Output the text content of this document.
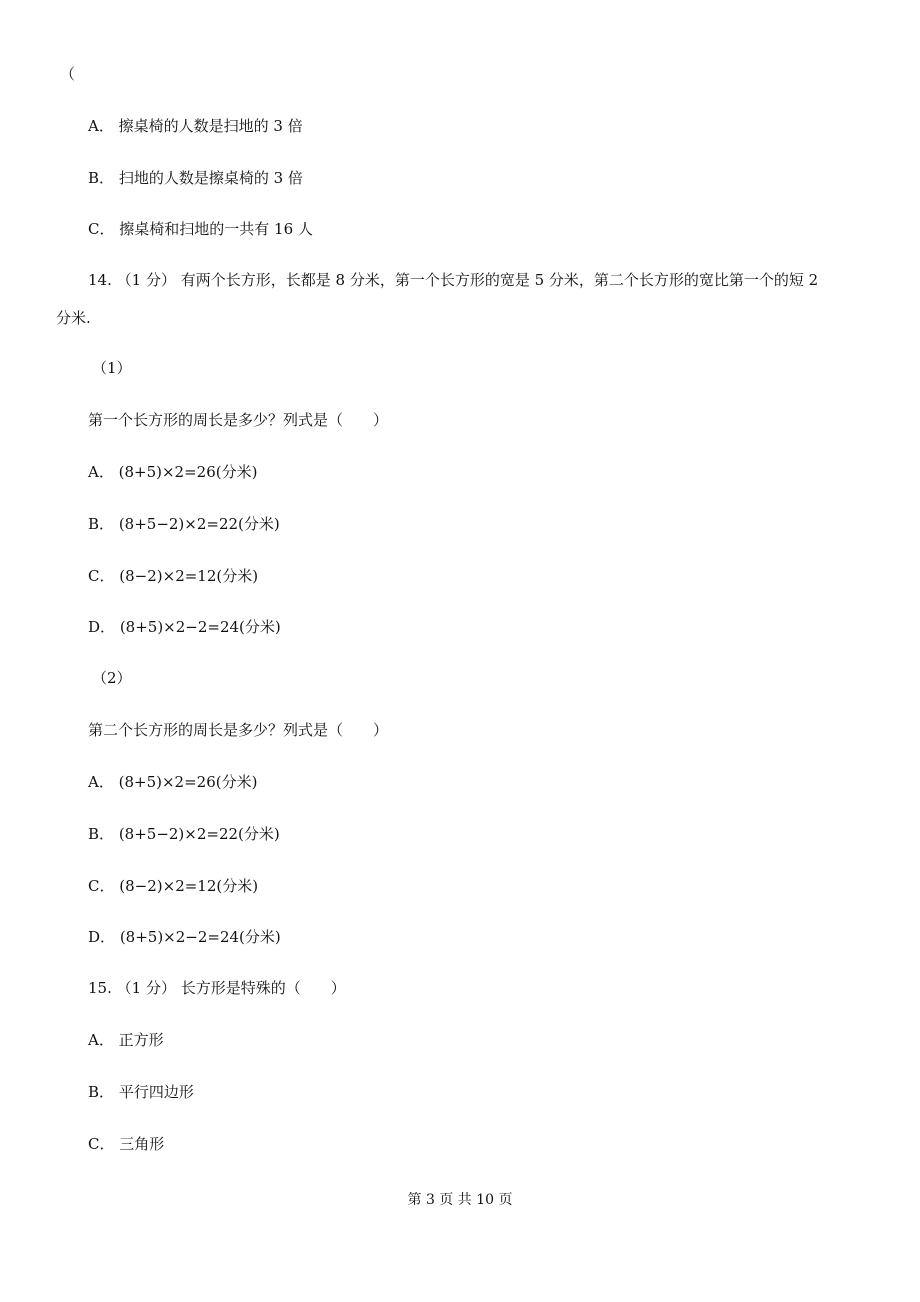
（
A． 擦桌椅的人数是扫地的 3 倍
B． 扫地的人数是擦桌椅的 3 倍
C． 擦桌椅和扫地的一共有 16 人
14. （1 分） 有两个长方形，长都是 8 分米，第一个长方形的宽是 5 分米，第二个长方形的宽比第一个的短 2
分米.
（1）
第一个长方形的周长是多少？列式是（　　）
A． (8+5)×2=26(分米)
B． (8+5−2)×2=22(分米)
C． (8−2)×2=12(分米)
D． (8+5)×2−2=24(分米)
（2）
第二个长方形的周长是多少？列式是（　　）
A． (8+5)×2=26(分米)
B． (8+5−2)×2=22(分米)
C． (8−2)×2=12(分米)
D． (8+5)×2−2=24(分米)
15. （1 分） 长方形是特殊的（　　）
A． 正方形
B． 平行四边形
C． 三角形
第 3 页 共 10 页
